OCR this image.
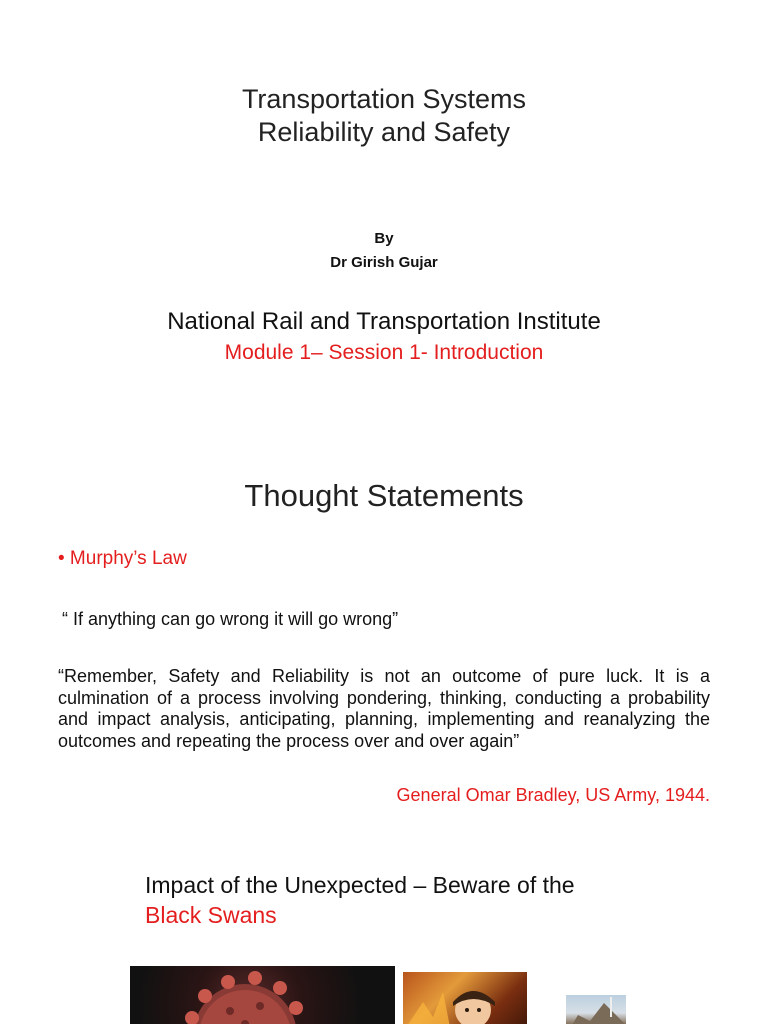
Transportation Systems
Reliability and Safety
By
Dr Girish Gujar
National Rail and Transportation Institute
Module 1– Session 1- Introduction
Thought Statements
• Murphy’s Law
“ If anything can go wrong it will go wrong”
“Remember, Safety and Reliability is not an outcome of pure luck. It is a culmination of a process involving pondering, thinking, conducting a probability and impact analysis, anticipating, planning, implementing and reanalyzing the outcomes and repeating the process over and over again”
General Omar Bradley, US Army, 1944.
Impact of the Unexpected – Beware of the
Black Swans
